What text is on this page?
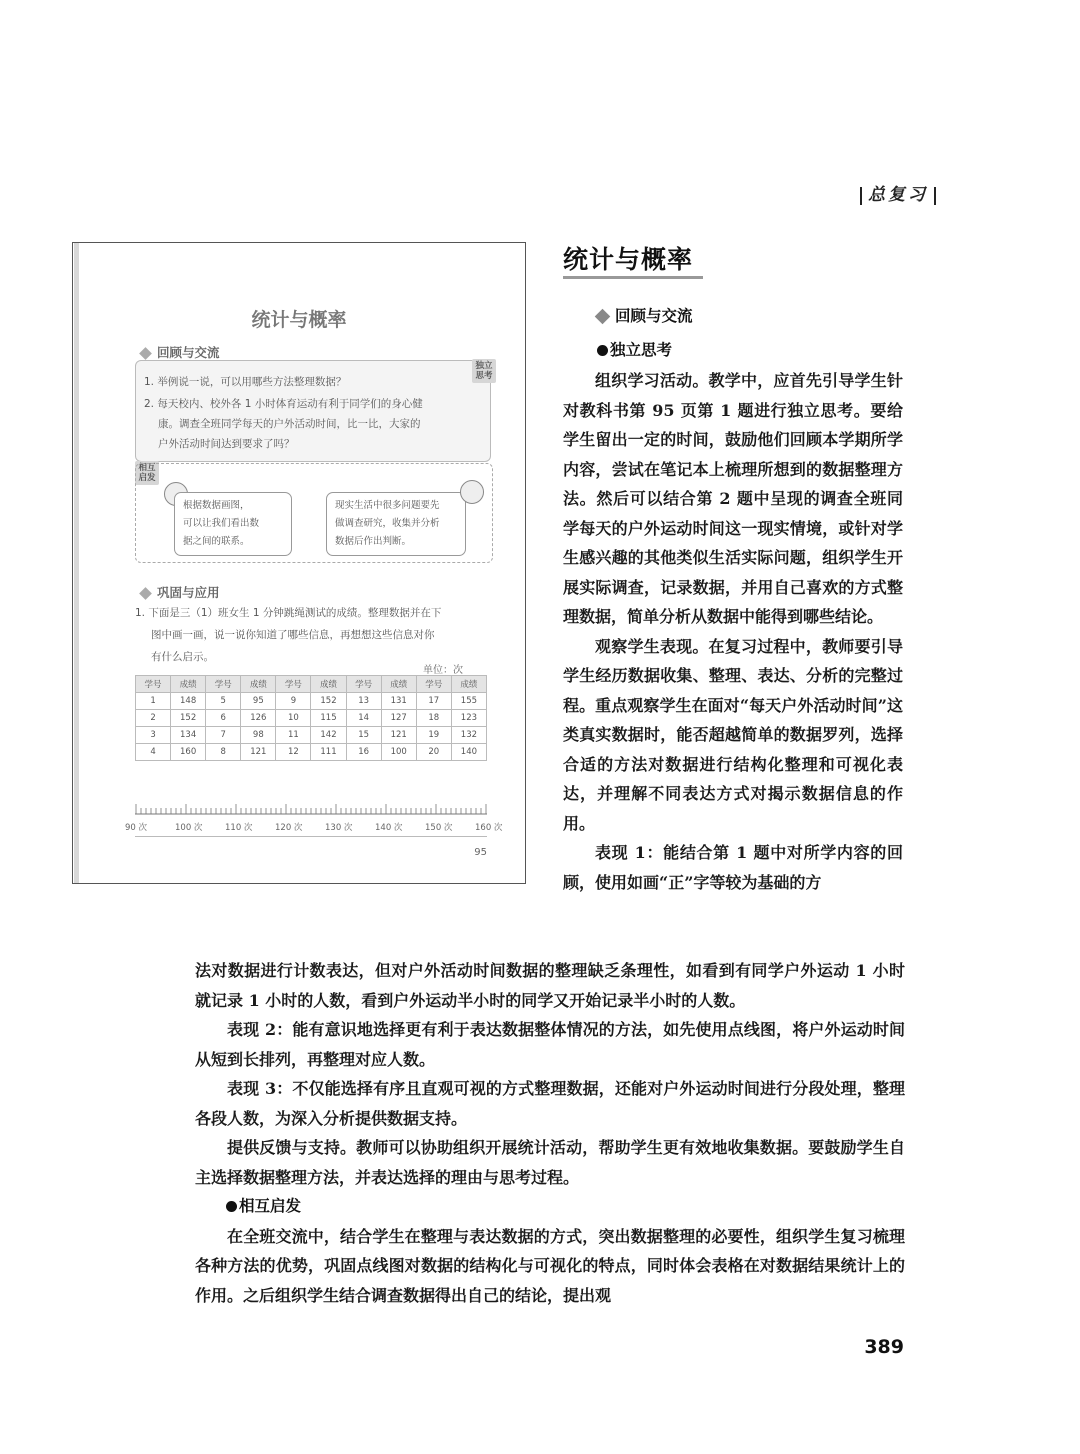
总复习
统计与概率
回顾与交流
1. 举例说一说，可以用哪些方法整理数据？
2. 每天校内、校外各 1 小时体育运动有利于同学们的身心健
康。调查全班同学每天的户外活动时间，比一比，大家的
户外活动时间达到要求了吗？
独立思考
相互启发
根据数据画图，
可以让我们看出数
据之间的联系。
现实生活中很多问题要先
做调查研究，收集并分析
数据后作出判断。
巩固与应用
1. 下面是三（1）班女生 1 分钟跳绳测试的成绩。整理数据并在下
图中画一画，说一说你知道了哪些信息，再想想这些信息对你
有什么启示。
单位：次
学号	成绩	学号	成绩	学号	成绩	学号	成绩	学号	成绩
1	148	5	95	9	152	13	131	17	155
2	152	6	126	10	115	14	127	18	123
3	134	7	98	11	142	15	121	19	132
4	160	8	121	12	111	16	100	20	140
90 次	100 次	110 次	120 次	130 次	140 次	150 次	160 次
95
统计与概率
回顾与交流
独立思考

组织学习活动。教学中，应首先引导学生针对教科书第 95 页第 1 题进行独立思考。要给学生留出一定的时间，鼓励他们回顾本学期所学内容，尝试在笔记本上梳理所想到的数据整理方法。然后可以结合第 2 题中呈现的调查全班同学每天的户外运动时间这一现实情境，或针对学生感兴趣的其他类似生活实际问题，组织学生开展实际调查，记录数据，并用自己喜欢的方式整理数据，简单分析从数据中能得到哪些结论。

观察学生表现。在复习过程中，教师要引导学生经历数据收集、整理、表达、分析的完整过程。重点观察学生在面对“每天户外活动时间”这类真实数据时，能否超越简单的数据罗列，选择合适的方法对数据进行结构化整理和可视化表达，并理解不同表达方式对揭示数据信息的作用。

表现 1：能结合第 1 题中对所学内容的回顾，使用如画“正”字等较为基础的方

法对数据进行计数表达，但对户外活动时间数据的整理缺乏条理性，如看到有同学户外运动 1 小时就记录 1 小时的人数，看到户外运动半小时的同学又开始记录半小时的人数。

表现 2：能有意识地选择更有利于表达数据整体情况的方法，如先使用点线图，将户外运动时间从短到长排列，再整理对应人数。

表现 3：不仅能选择有序且直观可视的方式整理数据，还能对户外运动时间进行分段处理，整理各段人数，为深入分析提供数据支持。

提供反馈与支持。教师可以协助组织开展统计活动，帮助学生更有效地收集数据。要鼓励学生自主选择数据整理方法，并表达选择的理由与思考过程。

相互启发

在全班交流中，结合学生在整理与表达数据的方式，突出数据整理的必要性，组织学生复习梳理各种方法的优势，巩固点线图对数据的结构化与可视化的特点，同时体会表格在对数据结果统计上的作用。之后组织学生结合调查数据得出自己的结论，提出观

389
